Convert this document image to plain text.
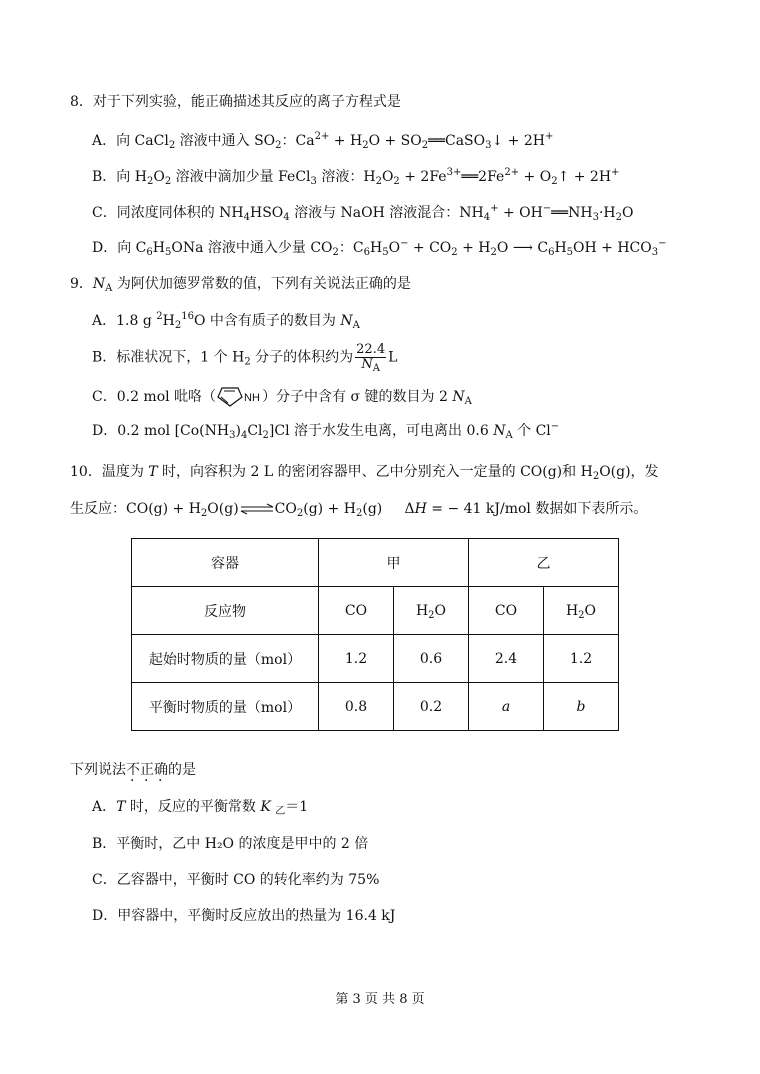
8．对于下列实验，能正确描述其反应的离子方程式是
A．向 CaCl$_2$ 溶液中通入 $SO_2$：$Ca^{2+} + H_2O$ + $SO_2══CaSO_3↓ + 2H^+$
B．向 $H_2O_2$ 溶液中滴加少量 FeCl$_3$ 溶液：$H_2O_2$ + $2Fe^{3+}══2Fe^{2+}$ + $O_2↑ + 2H^+$
C．同浓度同体积的 $NH_4HSO_4$ 溶液与 NaOH 溶液混合：$NH_4^+$ + $OH^-══NH_3\cdot H_2O$
D．向 $C_6H_5ONa$ 溶液中通入少量 $CO_2$：$C_6H_5O^- + CO_2 + H_2O$ ⟶ $C_6H_5OH + HCO_3^-$
9．$N_A$ 为阿伏加德罗常数的值，下列有关说法正确的是
A．1.8 g $^2H_2^{16}O$ 中含有质子的数目为 $N_A$
B．标准状况下，1 个 $H_2$ 分子的体积约为 $\frac{22.4}{N_A}$ L
C．0.2 mol 吡咯（	NH ）分子中含有 σ 键的数目为 2 $N_A$
D．0.2 mol $[Co(NH_3)_4Cl_2]Cl$ 溶于水发生电离，可电离出 0.6 $N_A$ 个 Cl−
10．温度为 T 时，向容积为 2 L 的密闭容器甲、乙中分别充入一定量的 CO(g)和 $H_2O(g)$，发
生反应：$CO(g) + H_2O(g)\rightleftharpoons CO_2(g) + H_2(g)$     ΔH = − 41 kJ/mol 数据如下表所示。
容器	甲		乙	
反应物	CO	$H_2O$	CO	$H_2O$
起始时物质的量（mol）	1.2	0.6	2.4	1.2
平衡时物质的量（mol）	0.8	0.2	a	b
下列说法不正确的是
A．T 时，反应的平衡常数 K $_乙$＝1
B．平衡时，乙中 H₂O 的浓度是甲中的 2 倍
C．乙容器中，平衡时 CO 的转化率约为 75%
D．甲容器中，平衡时反应放出的热量为 16.4 kJ
第 3 页 共 8 页
